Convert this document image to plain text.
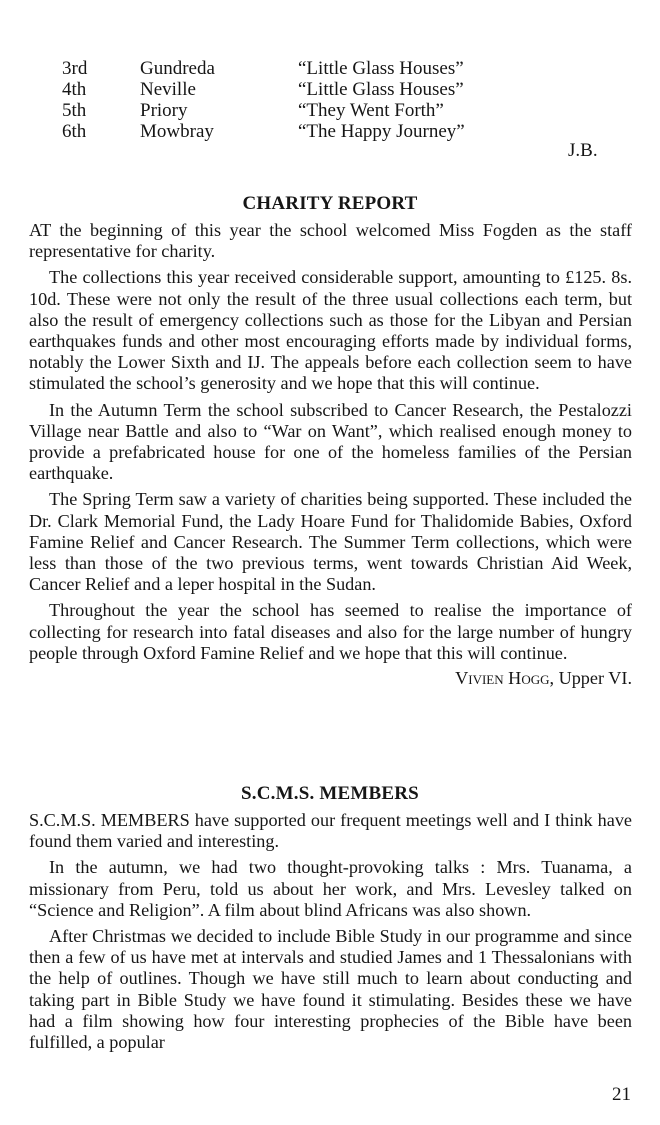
3rd	Gundreda	“Little Glass Houses”
4th	Neville	“Little Glass Houses”
5th	Priory	“They Went Forth”
6th	Mowbray	“The Happy Journey”
J.B.
CHARITY REPORT

AT the beginning of this year the school welcomed Miss Fogden as the staff representative for charity.

The collections this year received considerable support, amounting to £125. 8s. 10d. These were not only the result of the three usual collections each term, but also the result of emergency collections such as those for the Libyan and Persian earthquakes funds and other most encouraging efforts made by individual forms, notably the Lower Sixth and IJ. The appeals before each collection seem to have stimulated the school’s generosity and we hope that this will continue.

In the Autumn Term the school subscribed to Cancer Research, the Pestalozzi Village near Battle and also to “War on Want”, which realised enough money to provide a prefabricated house for one of the homeless families of the Persian earthquake.

The Spring Term saw a variety of charities being supported. These included the Dr. Clark Memorial Fund, the Lady Hoare Fund for Thalidomide Babies, Oxford Famine Relief and Cancer Research. The Summer Term collections, which were less than those of the two previous terms, went towards Christian Aid Week, Cancer Relief and a leper hospital in the Sudan.

Throughout the year the school has seemed to realise the importance of collecting for research into fatal diseases and also for the large number of hungry people through Oxford Famine Relief and we hope that this will continue.

Vivien Hogg, Upper VI.
S.C.M.S. MEMBERS

S.C.M.S. MEMBERS have supported our frequent meetings well and I think have found them varied and interesting.

In the autumn, we had two thought-provoking talks : Mrs. Tuanama, a missionary from Peru, told us about her work, and Mrs. Levesley talked on “Science and Religion”. A film about blind Africans was also shown.

After Christmas we decided to include Bible Study in our programme and since then a few of us have met at intervals and studied James and 1 Thessalonians with the help of outlines. Though we have still much to learn about conducting and taking part in Bible Study we have found it stimulating. Besides these we have had a film showing how four interesting prophecies of the Bible have been fulfilled, a popular

21
